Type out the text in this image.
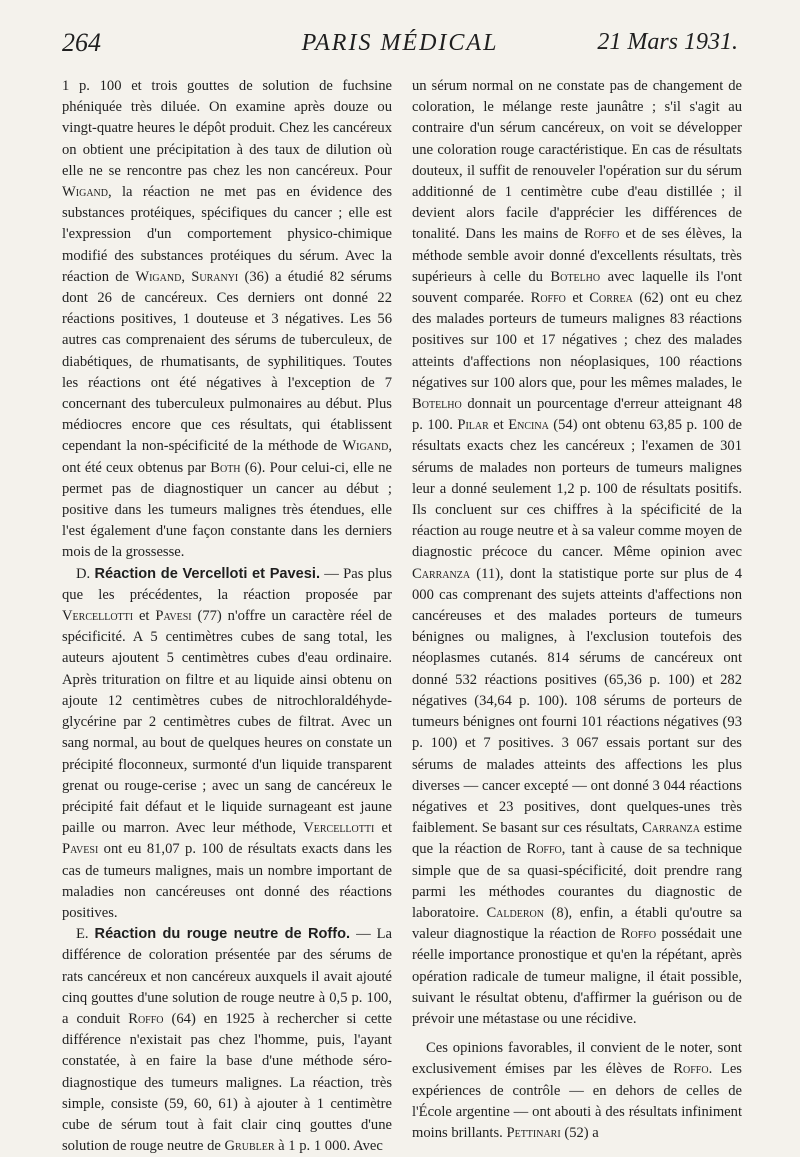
264	PARIS MÉDICAL	21 Mars 1931.

1 p. 100 et trois gouttes de solution de fuchsine phéniquée très diluée. On examine après douze ou vingt-quatre heures le dépôt produit. Chez les cancéreux on obtient une précipitation à des taux de dilution où elle ne se rencontre pas chez les non cancéreux. Pour Wigand, la réaction ne met pas en évidence des substances protéiques, spécifiques du cancer ; elle est l'expression d'un comportement physico-chimique modifié des substances protéiques du sérum. Avec la réaction de Wigand, Suranyi (36) a étudié 82 sérums dont 26 de cancéreux. Ces derniers ont donné 22 réactions positives, 1 douteuse et 3 négatives. Les 56 autres cas comprenaient des sérums de tuberculeux, de diabétiques, de rhumatisants, de syphilitiques. Toutes les réactions ont été négatives à l'exception de 7 concernant des tuberculeux pulmonaires au début. Plus médiocres encore que ces résultats, qui établissent cependant la non-spécificité de la méthode de Wigand, ont été ceux obtenus par Both (6). Pour celui-ci, elle ne permet pas de diagnostiquer un cancer au début ; positive dans les tumeurs malignes très étendues, elle l'est également d'une façon constante dans les derniers mois de la grossesse.

D. Réaction de Vercelloti et Pavesi. — Pas plus que les précédentes, la réaction proposée par Vercellotti et Pavesi (77) n'offre un caractère réel de spécificité. A 5 centimètres cubes de sang total, les auteurs ajoutent 5 centimètres cubes d'eau ordinaire. Après trituration on filtre et au liquide ainsi obtenu on ajoute 12 centimètres cubes de nitrochloraldéhyde-glycérine par 2 centimètres cubes de filtrat. Avec un sang normal, au bout de quelques heures on constate un précipité floconneux, surmonté d'un liquide transparent grenat ou rouge-cerise ; avec un sang de cancéreux le précipité fait défaut et le liquide surnageant est jaune paille ou marron. Avec leur méthode, Vercellotti et Pavesi ont eu 81,07 p. 100 de résultats exacts dans les cas de tumeurs malignes, mais un nombre important de maladies non cancéreuses ont donné des réactions positives.

E. Réaction du rouge neutre de Roffo. — La différence de coloration présentée par des sérums de rats cancéreux et non cancéreux auxquels il avait ajouté cinq gouttes d'une solution de rouge neutre à 0,5 p. 100, a conduit Roffo (64) en 1925 à rechercher si cette différence n'existait pas chez l'homme, puis, l'ayant constatée, à en faire la base d'une méthode séro-diagnostique des tumeurs malignes. La réaction, très simple, consiste (59, 60, 61) à ajouter à 1 centimètre cube de sérum tout à fait clair cinq gouttes d'une solution de rouge neutre de Grubler à 1 p. 1 000. Avec

un sérum normal on ne constate pas de changement de coloration, le mélange reste jaunâtre ; s'il s'agit au contraire d'un sérum cancéreux, on voit se développer une coloration rouge caractéristique. En cas de résultats douteux, il suffit de renouveler l'opération sur du sérum additionné de 1 centimètre cube d'eau distillée ; il devient alors facile d'apprécier les différences de tonalité. Dans les mains de Roffo et de ses élèves, la méthode semble avoir donné d'excellents résultats, très supérieurs à celle du Botelho avec laquelle ils l'ont souvent comparée. Roffo et Correa (62) ont eu chez des malades porteurs de tumeurs malignes 83 réactions positives sur 100 et 17 négatives ; chez des malades atteints d'affections non néoplasiques, 100 réactions négatives sur 100 alors que, pour les mêmes malades, le Botelho donnait un pourcentage d'erreur atteignant 48 p. 100. Pilar et Encina (54) ont obtenu 63,85 p. 100 de résultats exacts chez les cancéreux ; l'examen de 301 sérums de malades non porteurs de tumeurs malignes leur a donné seulement 1,2 p. 100 de résultats positifs. Ils concluent sur ces chiffres à la spécificité de la réaction au rouge neutre et à sa valeur comme moyen de diagnostic précoce du cancer. Même opinion avec Carranza (11), dont la statistique porte sur plus de 4 000 cas comprenant des sujets atteints d'affections non cancéreuses et des malades porteurs de tumeurs bénignes ou malignes, à l'exclusion toutefois des néoplasmes cutanés. 814 sérums de cancéreux ont donné 532 réactions positives (65,36 p. 100) et 282 négatives (34,64 p. 100). 108 sérums de porteurs de tumeurs bénignes ont fourni 101 réactions négatives (93 p. 100) et 7 positives. 3 067 essais portant sur des sérums de malades atteints des affections les plus diverses — cancer excepté — ont donné 3 044 réactions négatives et 23 positives, dont quelques-unes très faiblement. Se basant sur ces résultats, Carranza estime que la réaction de Roffo, tant à cause de sa technique simple que de sa quasi-spécificité, doit prendre rang parmi les méthodes courantes du diagnostic de laboratoire. Calderon (8), enfin, a établi qu'outre sa valeur diagnostique la réaction de Roffo possédait une réelle importance pronostique et qu'en la répétant, après opération radicale de tumeur maligne, il était possible, suivant le résultat obtenu, d'affirmer la guérison ou de prévoir une métastase ou une récidive.

Ces opinions favorables, il convient de le noter, sont exclusivement émises par les élèves de Roffo. Les expériences de contrôle — en dehors de celles de l'École argentine — ont abouti à des résultats infiniment moins brillants. Pettinari (52) a
